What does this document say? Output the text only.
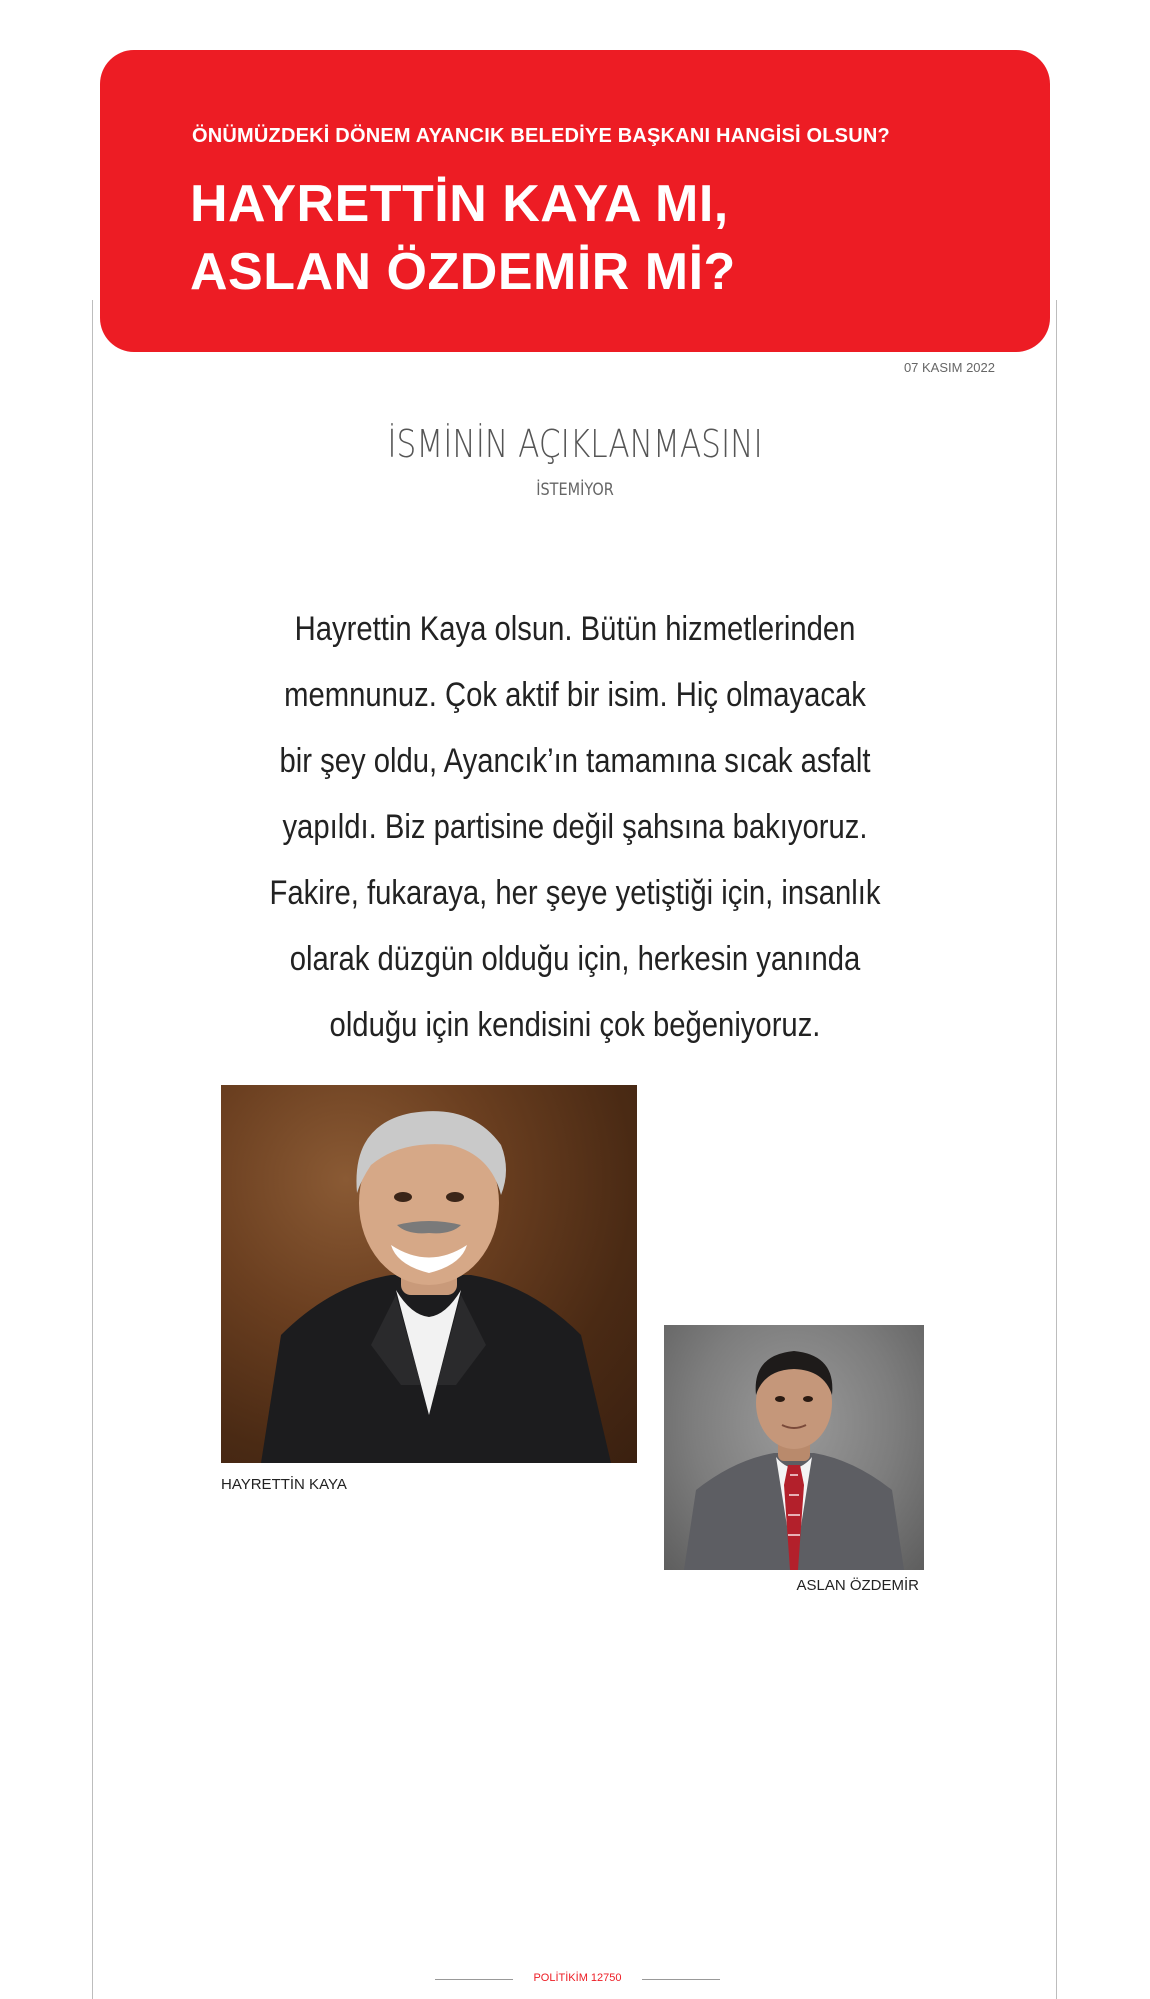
ÖNÜMÜZDEKİ DÖNEM AYANCIK BELEDİYE BAŞKANI HANGİSİ OLSUN?
HAYRETTİN KAYA MI,
ASLAN ÖZDEMİR Mİ?
07 KASIM 2022
İSMİNİN AÇIKLANMASINI
İSTEMİYOR
Hayrettin Kaya olsun. Bütün hizmetlerinden
memnunuz. Çok aktif bir isim. Hiç olmayacak
bir şey oldu, Ayancık’ın tamamına sıcak asfalt
yapıldı. Biz partisine değil şahsına bakıyoruz.
Fakire, fukaraya, her şeye yetiştiği için, insanlık
olarak düzgün olduğu için, herkesin yanında
olduğu için kendisini çok beğeniyoruz.
HAYRETTİN KAYA
ASLAN ÖZDEMİR
POLİTİKİM 12750
